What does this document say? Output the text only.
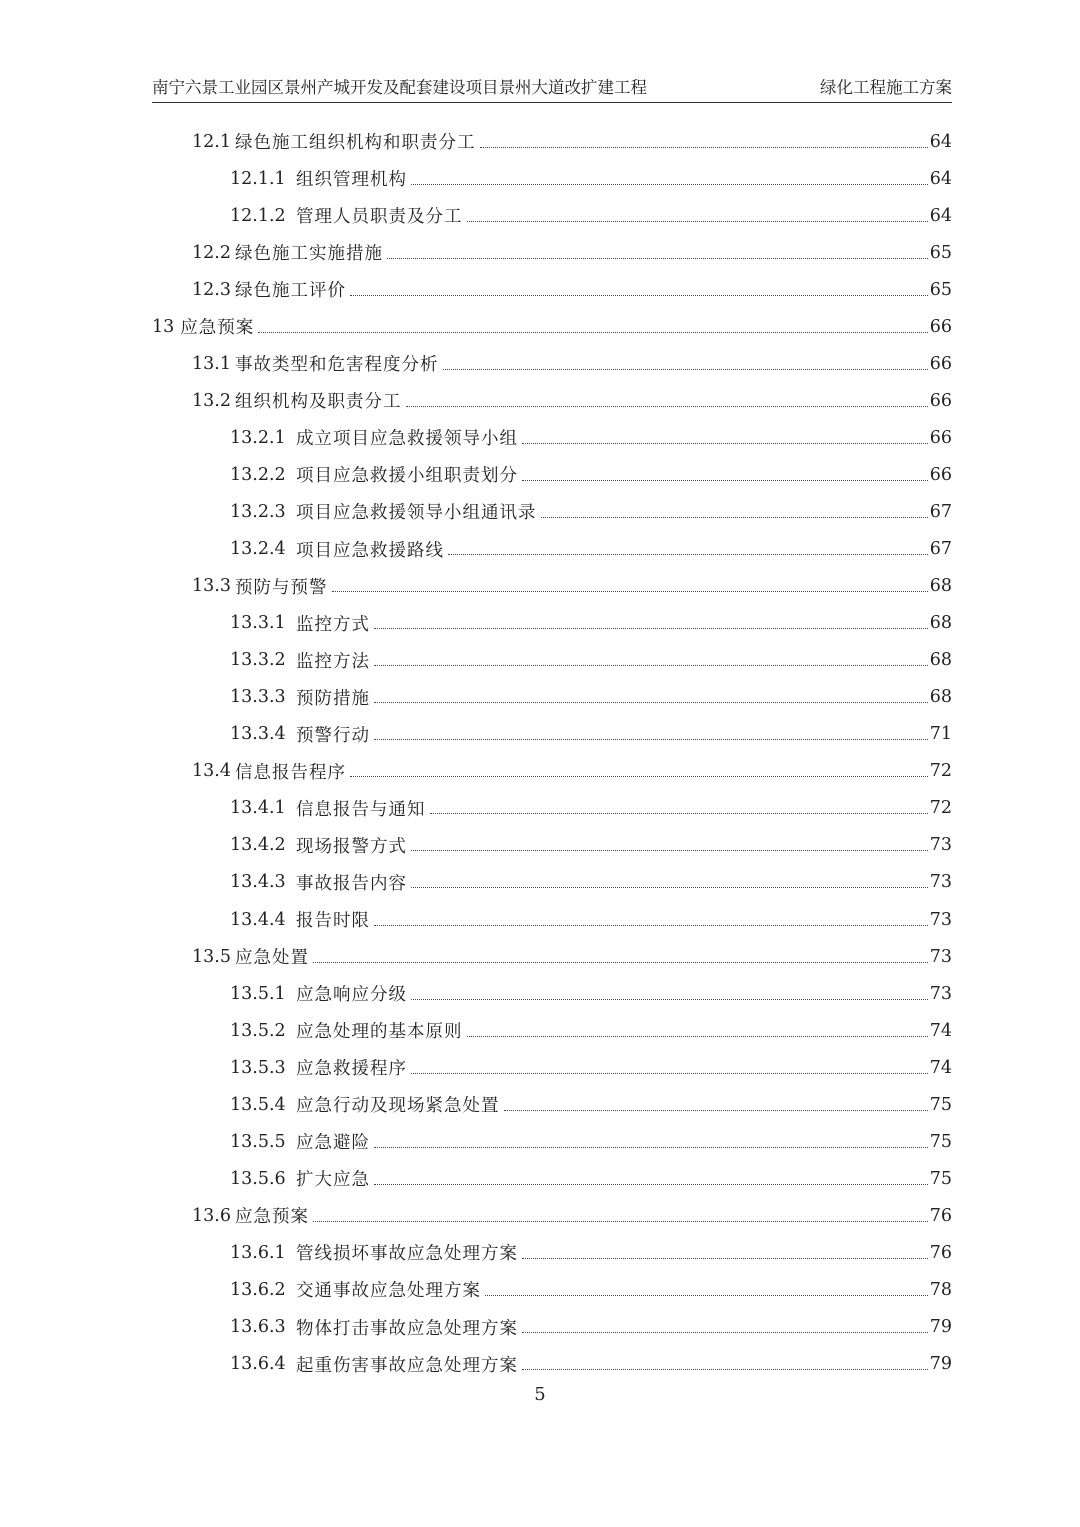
南宁六景工业园区景州产城开发及配套建设项目景州大道改扩建工程	绿化工程施工方案
12.1 绿色施工组织机构和职责分工	64
12.1.1 组织管理机构	64
12.1.2 管理人员职责及分工	64
12.2 绿色施工实施措施	65
12.3 绿色施工评价	65
13 应急预案	66
13.1 事故类型和危害程度分析	66
13.2 组织机构及职责分工	66
13.2.1 成立项目应急救援领导小组	66
13.2.2 项目应急救援小组职责划分	66
13.2.3 项目应急救援领导小组通讯录	67
13.2.4 项目应急救援路线	67
13.3 预防与预警	68
13.3.1 监控方式	68
13.3.2 监控方法	68
13.3.3 预防措施	68
13.3.4 预警行动	71
13.4 信息报告程序	72
13.4.1 信息报告与通知	72
13.4.2 现场报警方式	73
13.4.3 事故报告内容	73
13.4.4 报告时限	73
13.5 应急处置	73
13.5.1 应急响应分级	73
13.5.2 应急处理的基本原则	74
13.5.3 应急救援程序	74
13.5.4 应急行动及现场紧急处置	75
13.5.5 应急避险	75
13.5.6 扩大应急	75
13.6 应急预案	76
13.6.1 管线损坏事故应急处理方案	76
13.6.2 交通事故应急处理方案	78
13.6.3 物体打击事故应急处理方案	79
13.6.4 起重伤害事故应急处理方案	79
5
